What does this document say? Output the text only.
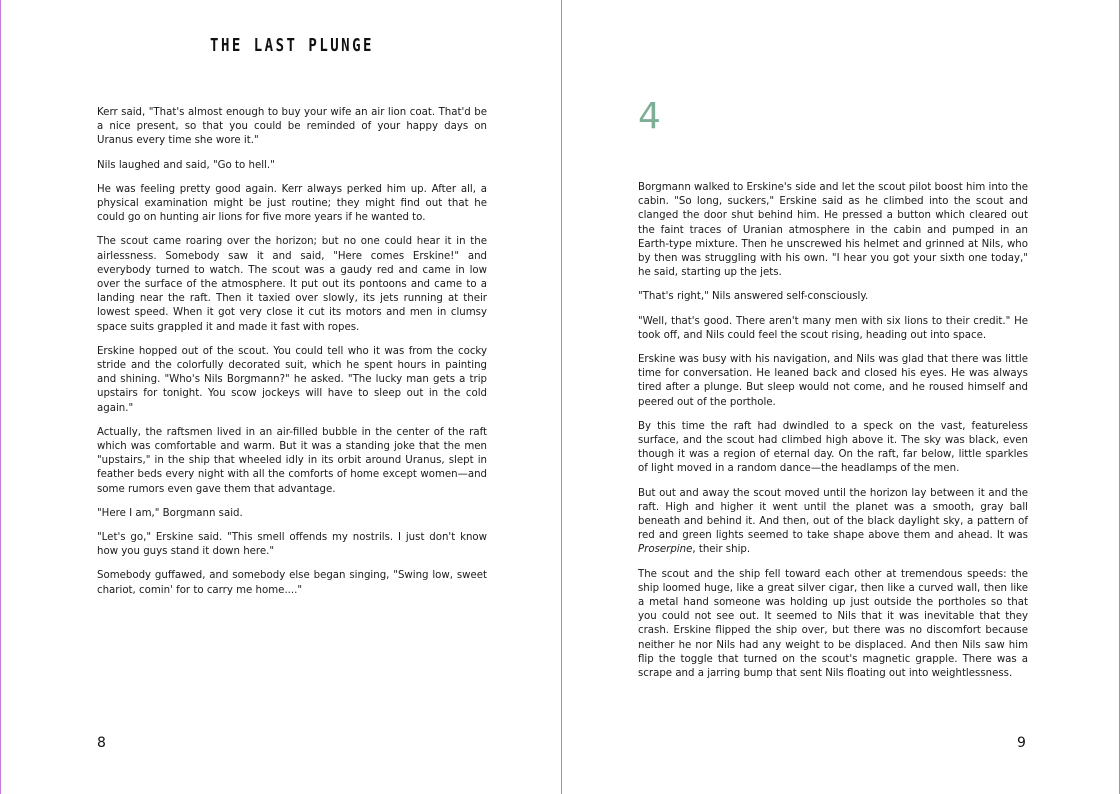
THE LAST PLUNGE

Kerr said, "That's almost enough to buy your wife an air lion coat. That'd be a nice present, so that you could be reminded of your happy days on Uranus every time she wore it."

Nils laughed and said, "Go to hell."

He was feeling pretty good again. Kerr always perked him up. After all, a physical examination might be just routine; they might find out that he could go on hunting air lions for five more years if he wanted to.

The scout came roaring over the horizon; but no one could hear it in the airlessness. Somebody saw it and said, "Here comes Erskine!" and everybody turned to watch. The scout was a gaudy red and came in low over the surface of the atmosphere. It put out its pontoons and came to a landing near the raft. Then it taxied over slowly, its jets running at their lowest speed. When it got very close it cut its motors and men in clumsy space suits grappled it and made it fast with ropes.

Erskine hopped out of the scout. You could tell who it was from the cocky stride and the colorfully decorated suit, which he spent hours in painting and shining. "Who's Nils Borgmann?" he asked. "The lucky man gets a trip upstairs for tonight. You scow jockeys will have to sleep out in the cold again."

Actually, the raftsmen lived in an air-filled bubble in the center of the raft which was comfortable and warm. But it was a standing joke that the men "upstairs," in the ship that wheeled idly in its orbit around Uranus, slept in feather beds every night with all the comforts of home except women—and some rumors even gave them that advantage.

"Here I am," Borgmann said.

"Let's go," Erskine said. "This smell offends my nostrils. I just don't know how you guys stand it down here."

Somebody guffawed, and somebody else began singing, "Swing low, sweet chariot, comin' for to carry me home...."

8
4

Borgmann walked to Erskine's side and let the scout pilot boost him into the cabin. "So long, suckers," Erskine said as he climbed into the scout and clanged the door shut behind him. He pressed a button which cleared out the faint traces of Uranian atmosphere in the cabin and pumped in an Earth-type mixture. Then he unscrewed his helmet and grinned at Nils, who by then was struggling with his own. "I hear you got your sixth one today," he said, starting up the jets.

"That's right," Nils answered self-consciously.

"Well, that's good. There aren't many men with six lions to their credit." He took off, and Nils could feel the scout rising, heading out into space.

Erskine was busy with his navigation, and Nils was glad that there was little time for conversation. He leaned back and closed his eyes. He was always tired after a plunge. But sleep would not come, and he roused himself and peered out of the porthole.

By this time the raft had dwindled to a speck on the vast, featureless surface, and the scout had climbed high above it. The sky was black, even though it was a region of eternal day. On the raft, far below, little sparkles of light moved in a random dance—the headlamps of the men.

But out and away the scout moved until the horizon lay between it and the raft. High and higher it went until the planet was a smooth, gray ball beneath and behind it. And then, out of the black daylight sky, a pattern of red and green lights seemed to take shape above them and ahead. It was Proserpine, their ship.

The scout and the ship fell toward each other at tremendous speeds: the ship loomed huge, like a great silver cigar, then like a curved wall, then like a metal hand someone was holding up just outside the portholes so that you could not see out. It seemed to Nils that it was inevitable that they crash. Erskine flipped the ship over, but there was no discomfort because neither he nor Nils had any weight to be displaced. And then Nils saw him flip the toggle that turned on the scout's magnetic grapple. There was a scrape and a jarring bump that sent Nils floating out into weightlessness.

9
